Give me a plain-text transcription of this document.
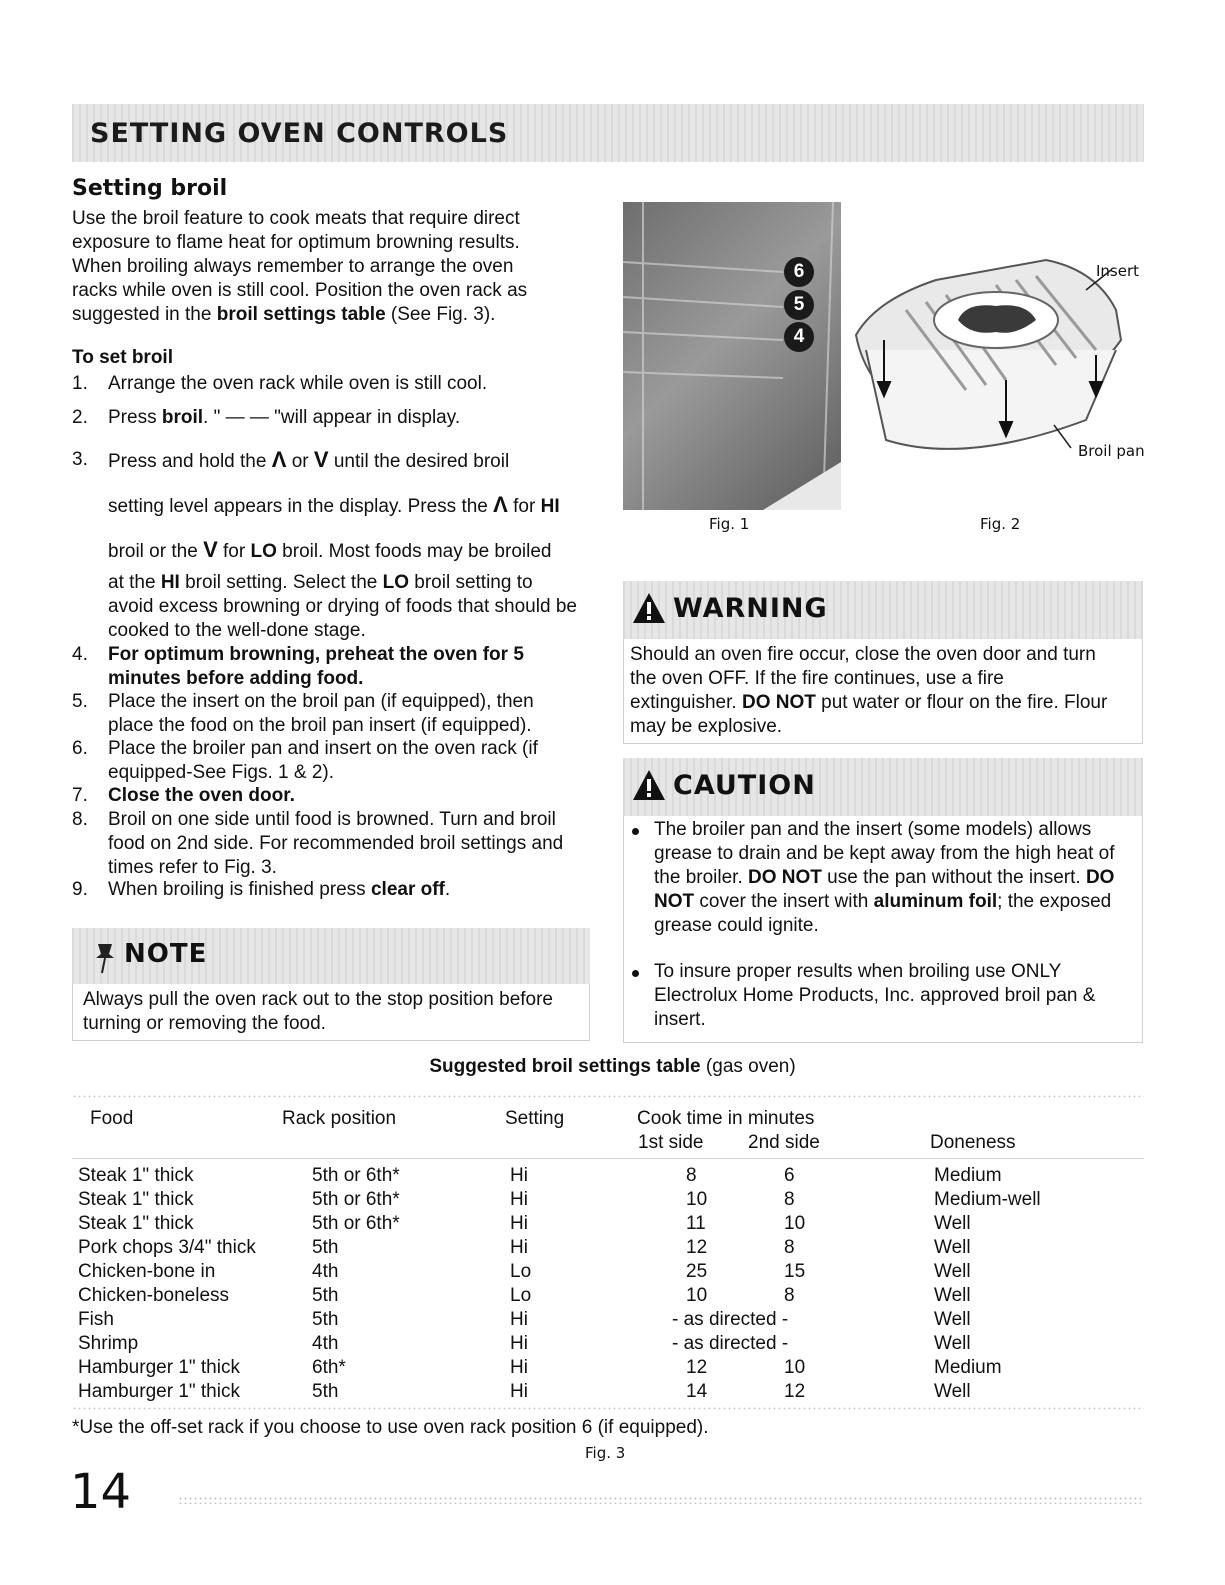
SETTING OVEN CONTROLS
Setting broil
Use the broil feature to cook meats that require direct
exposure to flame heat for optimum browning results.
When broiling always remember to arrange the oven
racks while oven is still cool. Position the oven rack as
suggested in the broil settings table (See Fig. 3).
To set broil
1. Arrange the oven rack while oven is still cool.
2. Press broil. " — — "will appear in display.
3. Press and hold the Λ or V until the desired broil
setting level appears in the display. Press the Λ for HI
broil or the V for LO broil. Most foods may be broiled
at the HI broil setting. Select the LO broil setting to
avoid excess browning or drying of foods that should be
cooked to the well-done stage.
4. For optimum browning, preheat the oven for 5
minutes before adding food.
5. Place the insert on the broil pan (if equipped), then
place the food on the broil pan insert (if equipped).
6. Place the broiler pan and insert on the oven rack (if
equipped-See Figs. 1 & 2).
7. Close the oven door.
8. Broil on one side until food is browned. Turn and broil
food on 2nd side. For recommended broil settings and
times refer to Fig. 3.
9. When broiling is finished press clear off.
NOTE
Always pull the oven rack out to the stop position before
turning or removing the food.
6
5
4
Fig. 1
Insert
Broil pan
Fig. 2
WARNING
Should an oven fire occur, close the oven door and turn
the oven OFF. If the fire continues, use a fire
extinguisher. DO NOT put water or flour on the fire. Flour
may be explosive.
CAUTION
The broiler pan and the insert (some models) allows
grease to drain and be kept away from the high heat of
the broiler. DO NOT use the pan without the insert. DO
NOT cover the insert with aluminum foil; the exposed
grease could ignite.
To insure proper results when broiling use ONLY
Electrolux Home Products, Inc. approved broil pan &
insert.
Suggested broil settings table (gas oven)
Food	Rack position	Setting	Cook time in minutes
1st side 2nd side	Doneness
Steak 1" thick	5th or 6th*	Hi	8	6	Medium
Steak 1" thick	5th or 6th*	Hi	10	8	Medium-well
Steak 1" thick	5th or 6th*	Hi	11	10	Well
Pork chops 3/4" thick	5th	Hi	12	8	Well
Chicken-bone in	4th	Lo	25	15	Well
Chicken-boneless	5th	Lo	10	8	Well
Fish	5th	Hi	- as directed -	Well
Shrimp	4th	Hi	- as directed -	Well
Hamburger 1" thick	6th*	Hi	12	10	Medium
Hamburger 1" thick	5th	Hi	14	12	Well
*Use the off-set rack if you choose to use oven rack position 6 (if equipped).
Fig. 3
14
